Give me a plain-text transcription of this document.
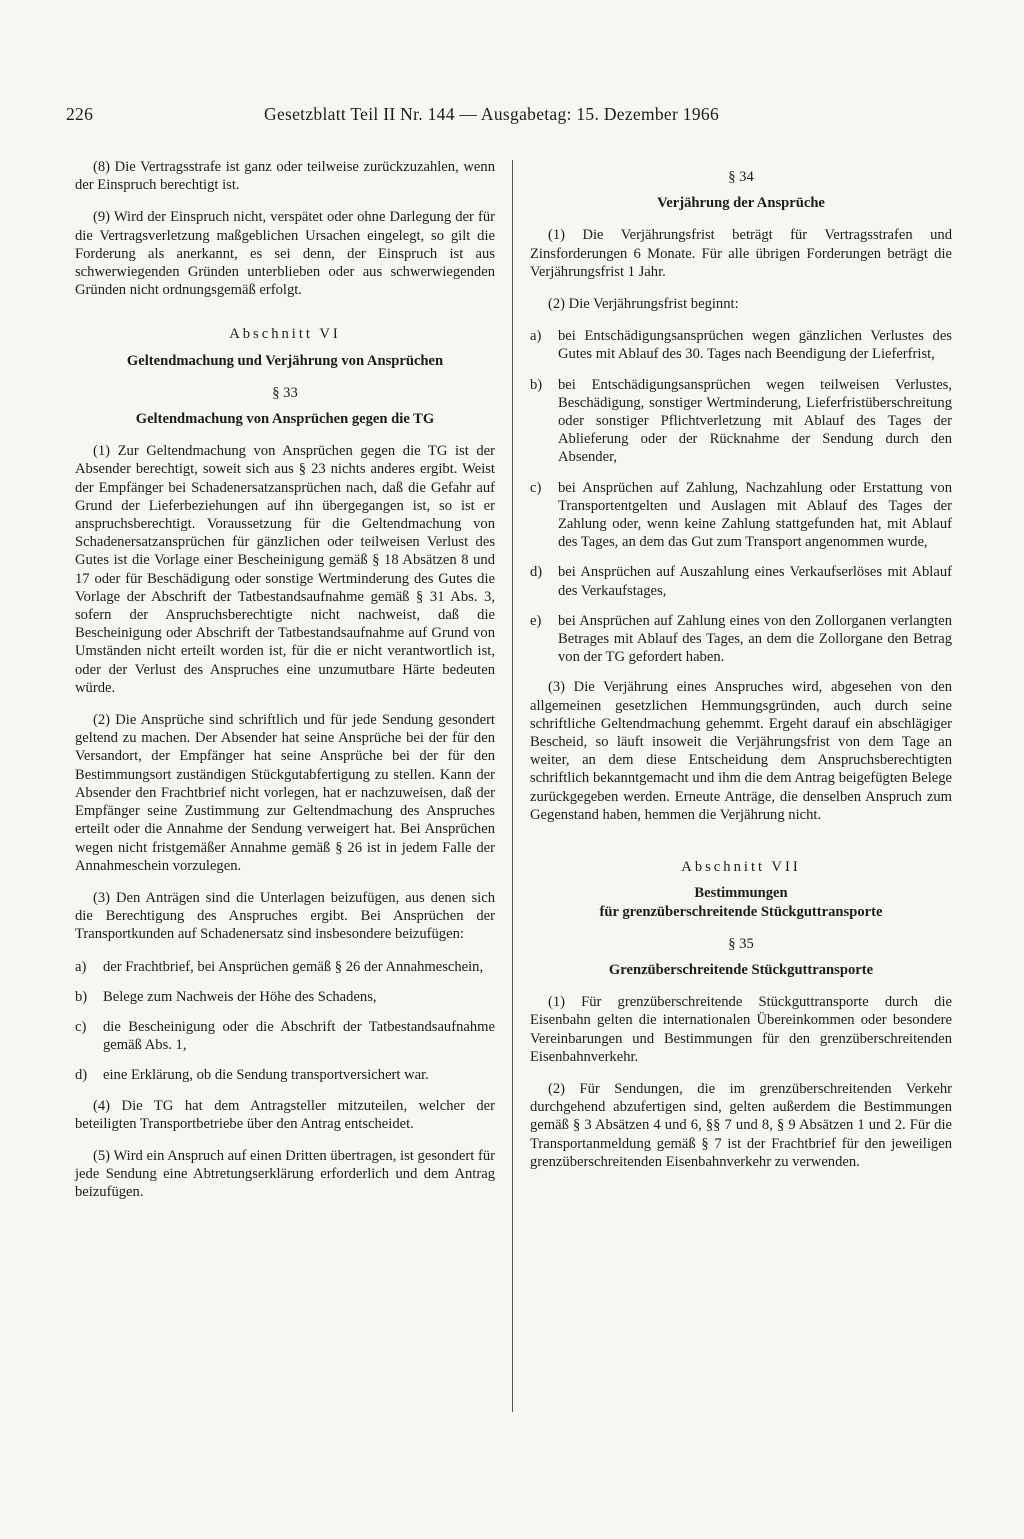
226	Gesetzblatt Teil II Nr. 144 — Ausgabetag: 15. Dezember 1966

(8) Die Vertragsstrafe ist ganz oder teilweise zurückzuzahlen, wenn der Einspruch berechtigt ist.

(9) Wird der Einspruch nicht, verspätet oder ohne Darlegung der für die Vertragsverletzung maßgeblichen Ursachen eingelegt, so gilt die Forderung als anerkannt, es sei denn, der Einspruch ist aus schwerwiegenden Gründen unterblieben oder aus schwerwiegenden Gründen nicht ordnungsgemäß erfolgt.

Abschnitt VI
Geltendmachung und Verjährung von Ansprüchen
§ 33
Geltendmachung von Ansprüchen gegen die TG

(1) Zur Geltendmachung von Ansprüchen gegen die TG ist der Absender berechtigt, soweit sich aus § 23 nichts anderes ergibt. Weist der Empfänger bei Schadenersatzansprüchen nach, daß die Gefahr auf Grund der Lieferbeziehungen auf ihn übergegangen ist, so ist er anspruchsberechtigt. Voraussetzung für die Geltendmachung von Schadenersatzansprüchen für gänzlichen oder teilweisen Verlust des Gutes ist die Vorlage einer Bescheinigung gemäß § 18 Absätzen 8 und 17 oder für Beschädigung oder sonstige Wertminderung des Gutes die Vorlage der Abschrift der Tatbestandsaufnahme gemäß § 31 Abs. 3, sofern der Anspruchsberechtigte nicht nachweist, daß die Bescheinigung oder Abschrift der Tatbestandsaufnahme auf Grund von Umständen nicht erteilt worden ist, für die er nicht verantwortlich ist, oder der Verlust des Anspruches eine unzumutbare Härte bedeuten würde.

(2) Die Ansprüche sind schriftlich und für jede Sendung gesondert geltend zu machen. Der Absender hat seine Ansprüche bei der für den Versandort, der Empfänger hat seine Ansprüche bei der für den Bestimmungsort zuständigen Stückgutabfertigung zu stellen. Kann der Absender den Frachtbrief nicht vorlegen, hat er nachzuweisen, daß der Empfänger seine Zustimmung zur Geltendmachung des Anspruches erteilt oder die Annahme der Sendung verweigert hat. Bei Ansprüchen wegen nicht fristgemäßer Annahme gemäß § 26 ist in jedem Falle der Annahmeschein vorzulegen.

(3) Den Anträgen sind die Unterlagen beizufügen, aus denen sich die Berechtigung des Anspruches ergibt. Bei Ansprüchen der Transportkunden auf Schadenersatz sind insbesondere beizufügen:

a)	der Frachtbrief, bei Ansprüchen gemäß § 26 der Annahmeschein,
b)	Belege zum Nachweis der Höhe des Schadens,
c)	die Bescheinigung oder die Abschrift der Tatbestandsaufnahme gemäß Abs. 1,
d)	eine Erklärung, ob die Sendung transportversichert war.

(4) Die TG hat dem Antragsteller mitzuteilen, welcher der beteiligten Transportbetriebe über den Antrag entscheidet.

(5) Wird ein Anspruch auf einen Dritten übertragen, ist gesondert für jede Sendung eine Abtretungserklärung erforderlich und dem Antrag beizufügen.

§ 34
Verjährung der Ansprüche

(1) Die Verjährungsfrist beträgt für Vertragsstrafen und Zinsforderungen 6 Monate. Für alle übrigen Forderungen beträgt die Verjährungsfrist 1 Jahr.

(2) Die Verjährungsfrist beginnt:

a)	bei Entschädigungsansprüchen wegen gänzlichen Verlustes des Gutes mit Ablauf des 30. Tages nach Beendigung der Lieferfrist,
b)	bei Entschädigungsansprüchen wegen teilweisen Verlustes, Beschädigung, sonstiger Wertminderung, Lieferfristüberschreitung oder sonstiger Pflichtverletzung mit Ablauf des Tages der Ablieferung oder der Rücknahme der Sendung durch den Absender,
c)	bei Ansprüchen auf Zahlung, Nachzahlung oder Erstattung von Transportentgelten und Auslagen mit Ablauf des Tages der Zahlung oder, wenn keine Zahlung stattgefunden hat, mit Ablauf des Tages, an dem das Gut zum Transport angenommen wurde,
d)	bei Ansprüchen auf Auszahlung eines Verkaufserlöses mit Ablauf des Verkaufstages,
e)	bei Ansprüchen auf Zahlung eines von den Zollorganen verlangten Betrages mit Ablauf des Tages, an dem die Zollorgane den Betrag von der TG gefordert haben.

(3) Die Verjährung eines Anspruches wird, abgesehen von den allgemeinen gesetzlichen Hemmungsgründen, auch durch seine schriftliche Geltendmachung gehemmt. Ergeht darauf ein abschlägiger Bescheid, so läuft insoweit die Verjährungsfrist von dem Tage an weiter, an dem diese Entscheidung dem Anspruchsberechtigten schriftlich bekanntgemacht und ihm die dem Antrag beigefügten Belege zurückgegeben werden. Erneute Anträge, die denselben Anspruch zum Gegenstand haben, hemmen die Verjährung nicht.

Abschnitt VII
Bestimmungen
für grenzüberschreitende Stückguttransporte
§ 35
Grenzüberschreitende Stückguttransporte

(1) Für grenzüberschreitende Stückguttransporte durch die Eisenbahn gelten die internationalen Übereinkommen oder besondere Vereinbarungen und Bestimmungen für den grenzüberschreitenden Eisenbahnverkehr.

(2) Für Sendungen, die im grenzüberschreitenden Verkehr durchgehend abzufertigen sind, gelten außerdem die Bestimmungen gemäß § 3 Absätzen 4 und 6, §§ 7 und 8, § 9 Absätzen 1 und 2. Für die Transportanmeldung gemäß § 7 ist der Frachtbrief für den jeweiligen grenzüberschreitenden Eisenbahnverkehr zu verwenden.
